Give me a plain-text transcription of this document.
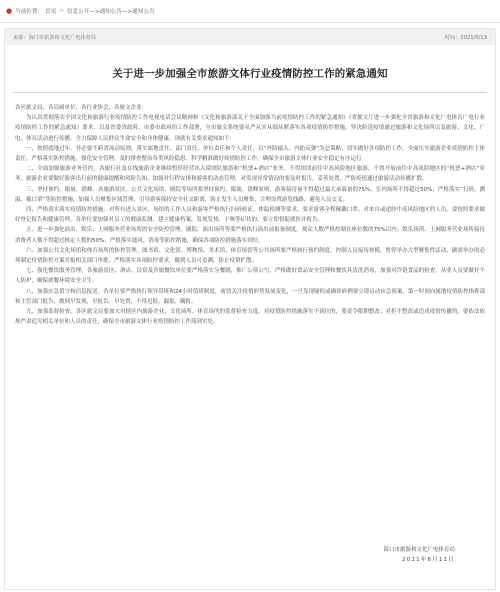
● 当前位置： 首页 > 信息公开—>通知公告—>通知公告
来源：海口市旅游和文化广电体育局	时间：2021/6/13
关于进一步加强全市旅游文体行业疫情防控工作的紧急通知

各区旅文局、各局属单位、各行业协会、各旅文企业：

为认真贯彻落实全国文化和旅游行业疫情防控工作电视电话会议精神和《文化和旅游部关于全面加强当前疫情防控工作的紧急通知》《省旅文厅进一步强化全省旅游和文化广电体育广电行业疫情防控工作的紧急通知》要求，以及省委省政府、市委市政府的工作部署，全市旅文系统要从严从实从细从紧落实各项疫情防控措施，坚决防范疫情通过旅游和文化场所以及旅游、文化、广电、体育活动进行传播，全力保障人民群众生命安全和身体健康。现就有关要求通知如下：

一、按照就地过年、非必要不跨省流动原则，落实属地责任、部门责任、单位责任和个人责任，以“外防输入、内防反弹”为总策略，切实做好各项防控工作，全面压实旅游企业疫情防控主体责任，严格落实防控措施，强化安全管理，及时排查整治各类风险隐患，科学精准做好疫情防控工作，确保全市旅游文体行业安全稳定有序运行。

二、全面加强旅游业务管控。各旅行社及在线旅游企业继续暂停经营出入境团队旅游和“机票+酒店”业务。不得组团前往中高风险地区旅游，不得开展前往中高风险地区的“机票+酒店”业务。旅游企业要做好游客出行前的健康提醒和风险告知，加强对行程安排和游客的动态管理，对发现异常情况的要及时报告，妥善处置，严防疫情通过旅游活动传播扩散。

三、坚持预约、限量、错峰。各旅游景区、公共文化场馆、剧院等场所要坚持预约、限流、错峰原则，游客接待量不得超过最大承载量的75%，室内场所不得超过50%，严格落实“扫码、测温、戴口罩”等防控措施，加强人员聚集区域管理，引导游客保持安全社交距离，防止发生人员聚集，合理设置游览线路，避免人员交叉。

四、严格落实落实疫情防控措施。对所有进入景区、场馆的工作人员和游客严格执行扫码验证、体温检测等要求，要求游客全程佩戴口罩。对来自或途经中高风险地区的人员，要按照要求做好登记报告和健康管理。各单位要加强对员工的健康监测，建立健康档案，发现发热、干咳等症状的，要立即督促就医并报告。

五、进一步强化演出、娱乐、上网服务营业场所的安全防控管理。剧院、演出场所等要严格执行演出前报备制度，观众人数严格控制在座位数的75%以内；娱乐场所、上网服务营业场所接待消费者人数不得超过核定人数的50%，严格落实通风、消毒等防控措施，确保各项防控措施落实到位。

六、加强公共文化场馆和体育场所的防控管理。图书馆、文化馆、博物馆、美术馆、体育场馆等公共场所要严格执行预约制度，控制人员接待规模，暂停举办大型聚集性活动，确需举办的必须制定疫情防控方案并报相关部门审批，严格落实各项防控要求，做到人员可追溯，防止疫情扩散。

七、强化餐饮服务管理。各旅游景区、酒店、民宿及涉旅餐饮单位要严格落实分餐制，推广公筷公勺，严格做好食品安全管理和餐饮具清洗消毒，加强对冷链食品的检查，从业人员要做好个人防护，确保就餐环境安全卫生。

八、加强应急值守和信息报送。各单位要严格执行领导带班和24小时值班制度，密切关注疫情形势发展变化，一旦发现疑似或确诊病例要立即启动应急预案，第一时间向属地疫情防控指挥部和主管部门报告，做到早发现、早报告、早处置，不得迟报、漏报、瞒报。

九、加强监督检查。各区旅文局要加大对辖区内旅游企业、文化场所、体育场所的监督检查力度，对疫情防控措施落实不到位的，要责令限期整改；对拒不整改或造成疫情传播的，要依法依规严肃追究相关单位和人员的责任，确保全市旅游文体行业疫情防控工作落到实处。

海口市旅游和文化广电体育局
2021年6月11日
